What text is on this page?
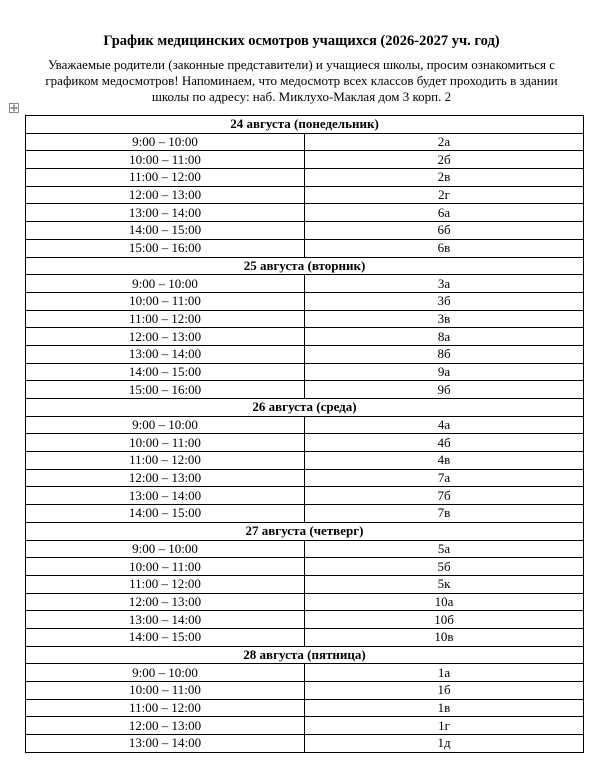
График медицинских осмотров учащихся (2026-2027 уч. год)
Уважаемые родители (законные представители) и учащиеся школы, просим ознакомиться с графиком медосмотров! Напоминаем, что медосмотр всех классов будет проходить в здании школы по адресу: наб. Миклухо-Маклая дом 3 корп. 2
24 августа (понедельник)	
9:00 – 10:00	2а
10:00 – 11:00	2б
11:00 – 12:00	2в
12:00 – 13:00	2г
13:00 – 14:00	6а
14:00 – 15:00	6б
15:00 – 16:00	6в
25 августа (вторник)	
9:00 – 10:00	3а
10:00 – 11:00	3б
11:00 – 12:00	3в
12:00 – 13:00	8а
13:00 – 14:00	8б
14:00 – 15:00	9а
15:00 – 16:00	9б
26 августа (среда)	
9:00 – 10:00	4а
10:00 – 11:00	4б
11:00 – 12:00	4в
12:00 – 13:00	7а
13:00 – 14:00	7б
14:00 – 15:00	7в
27 августа (четверг)	
9:00 – 10:00	5а
10:00 – 11:00	5б
11:00 – 12:00	5к
12:00 – 13:00	10а
13:00 – 14:00	10б
14:00 – 15:00	10в
28 августа (пятница)	
9:00 – 10:00	1а
10:00 – 11:00	1б
11:00 – 12:00	1в
12:00 – 13:00	1г
13:00 – 14:00	1д
